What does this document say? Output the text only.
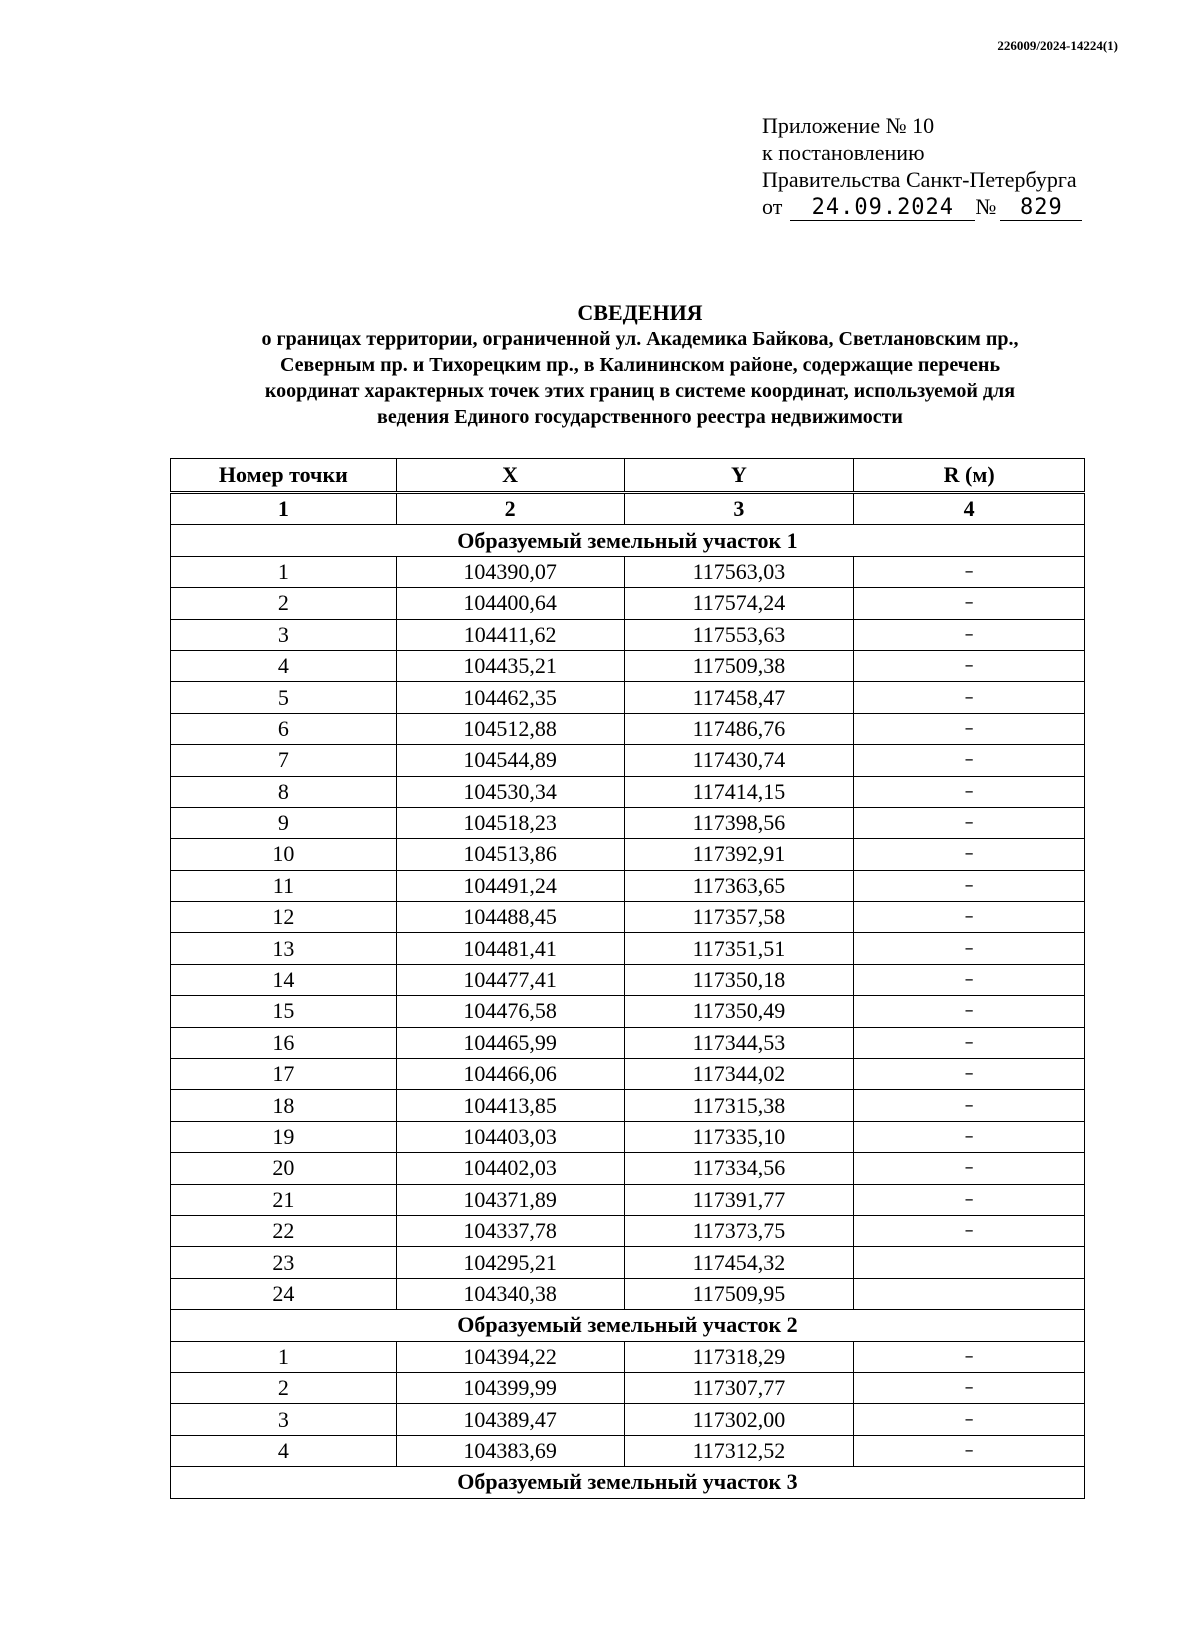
226009/2024-14224(1)
Приложение № 10
к постановлению
Правительства Санкт-Петербурга
от	24.09.2024 №	829
СВЕДЕНИЯ
о границах территории, ограниченной ул. Академика Байкова, Светлановским пр.,
Северным пр. и Тихорецким пр., в Калининском районе, содержащие перечень
координат характерных точек этих границ в системе координат, используемой для
ведения Единого государственного реестра недвижимости
Номер точки	X	Y	R (м)
1	2	3	4
Образуемый земельный участок 1			
1	104390,07	117563,03	–
2	104400,64	117574,24	–
3	104411,62	117553,63	–
4	104435,21	117509,38	–
5	104462,35	117458,47	–
6	104512,88	117486,76	–
7	104544,89	117430,74	–
8	104530,34	117414,15	–
9	104518,23	117398,56	–
10	104513,86	117392,91	–
11	104491,24	117363,65	–
12	104488,45	117357,58	–
13	104481,41	117351,51	–
14	104477,41	117350,18	–
15	104476,58	117350,49	–
16	104465,99	117344,53	–
17	104466,06	117344,02	–
18	104413,85	117315,38	–
19	104403,03	117335,10	–
20	104402,03	117334,56	–
21	104371,89	117391,77	–
22	104337,78	117373,75	–
23	104295,21	117454,32	
24	104340,38	117509,95	
Образуемый земельный участок 2			
1	104394,22	117318,29	–
2	104399,99	117307,77	–
3	104389,47	117302,00	–
4	104383,69	117312,52	–
Образуемый земельный участок 3			
